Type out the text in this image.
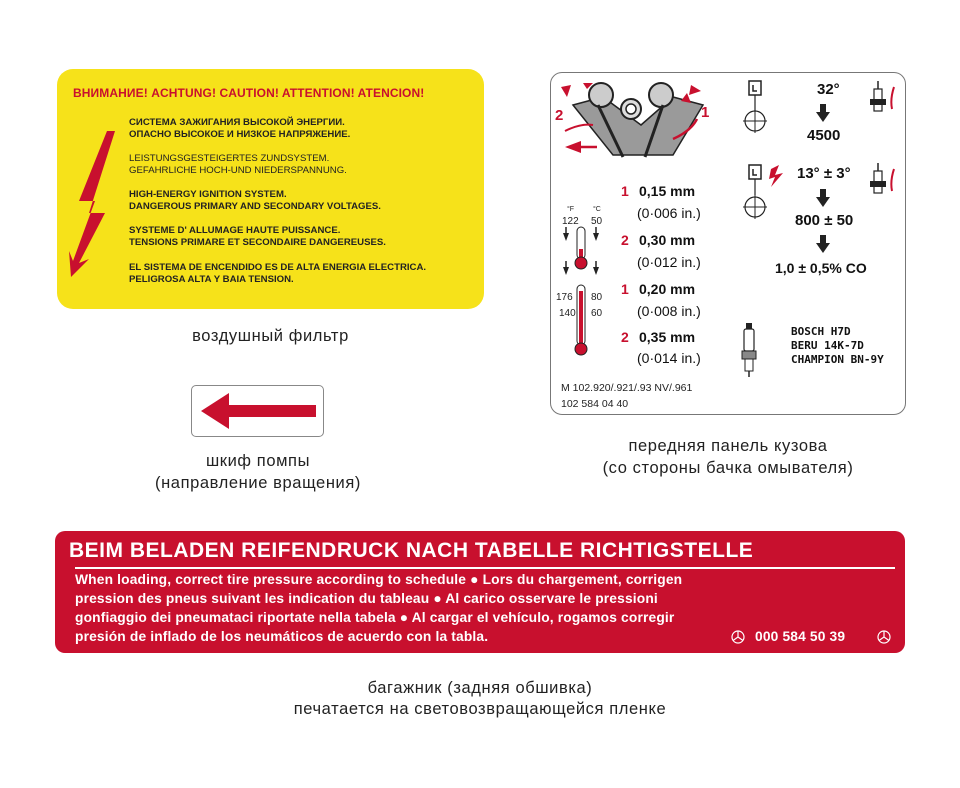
ВНИМАНИЕ! ACHTUNG! CAUTION! ATTENTION! ATENCION!
СИСТЕМА ЗАЖИГАНИЯ ВЫСОКОЙ ЭНЕРГИИ.
ОПАСНО ВЫСОКОЕ И НИЗКОЕ НАПРЯЖЕНИЕ.
LEISTUNGSGESTEIGERTES ZUNDSYSTEM.
GEFAHRLICHE HOCH-UND NIEDERSPANNUNG.
HIGH-ENERGY IGNITION SYSTEM.
DANGEROUS PRIMARY AND SECONDARY VOLTAGES.
SYSTEME D' ALLUMAGE HAUTE PUISSANCE.
TENSIONS PRIMARE ET SECONDAIRE DANGEREUSES.
EL SISTEMA DE ENCENDIDO ES DE ALTA ENERGIA ELECTRICA.
PELIGROSA ALTA Y BAIA TENSION.
воздушный фильтр
шкиф помпы
(направление вращения)
2	1
°F	°C
122 50
176 80
140 60
1 0,15 mm
(0·006 in.)
2 0,30 mm
(0·012 in.)
1 0,20 mm
(0·008 in.)
2 0,35 mm
(0·014 in.)
M 102.920/.921/.93 NV/.961
102 584 04 40
32°
4500
13° ± 3°
800 ± 50
1,0 ± 0,5% CO
BOSCH H7D
BERU 14K-7D
CHAMPION BN-9Y
передняя панель кузова
(со стороны бачка омывателя)
BEIM BELADEN REIFENDRUCK NACH TABELLE RICHTIGSTELLE
When loading, correct tire pressure according to schedule ● Lors du chargement, corrigen
pression des pneus suivant les indication du tableau ● Al carico osservare le pressioni
gonfiaggio dei pneumataci riportate nella tabela ● Al cargar el vehículo, rogamos corregir
presión de inflado de los neumáticos de acuerdo con la tabla.	000 584 50 39
багажник (задняя обшивка)
печатается на световозвращающейся пленке
